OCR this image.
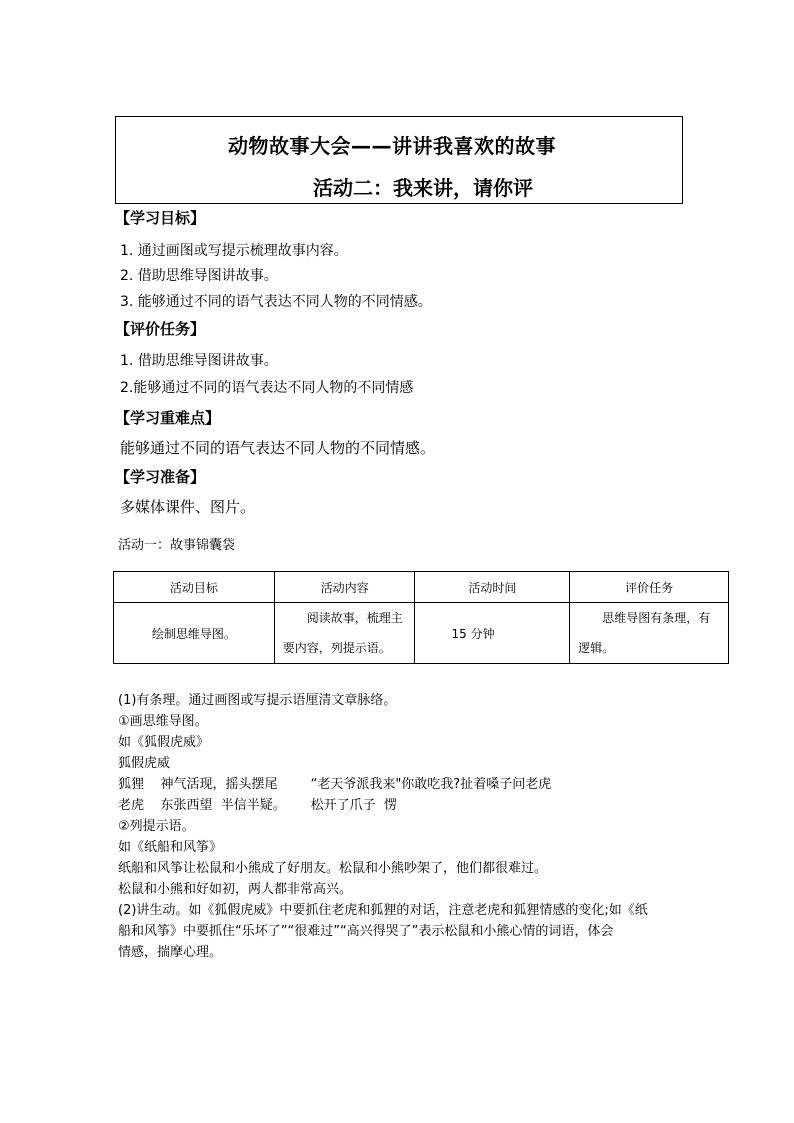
动物故事大会——讲讲我喜欢的故事
活动二：我来讲，请你评
【学习目标】
1. 通过画图或写提示梳理故事内容。
2. 借助思维导图讲故事。
3. 能够通过不同的语气表达不同人物的不同情感。
【评价任务】
1. 借助思维导图讲故事。
2.能够通过不同的语气表达不同人物的不同情感
【学习重难点】
能够通过不同的语气表达不同人物的不同情感。
【学习准备】
多媒体课件、图片。
活动一：故事锦囊袋
活动目标	活动内容	活动时间	评价任务
绘制思维导图。	阅读故事，梳理主要内容，列提示语。	15 分钟	思维导图有条理，有逻辑。
(1)有条理。通过画图或写提示语厘清文章脉络。
①画思维导图。
如《狐假虎威》
狐假虎威
狐狸    神气活现，摇头摆尾        “老天爷派我来"你敢吃我?扯着嗓子问老虎
老虎    东张西望  半信半疑。      松开了爪子  愣
②列提示语。
如《纸船和风筝》
纸船和风筝让松鼠和小熊成了好朋友。松鼠和小熊吵架了，他们都很难过。
松鼠和小熊和好如初，两人都非常高兴。
(2)讲生动。如《狐假虎威》中要抓住老虎和狐狸的对话，注意老虎和狐狸情感的变化;如《纸
船和风筝》中要抓住“乐坏了”“很难过”“高兴得哭了”表示松鼠和小熊心情的词语，体会
情感，揣摩心理。
